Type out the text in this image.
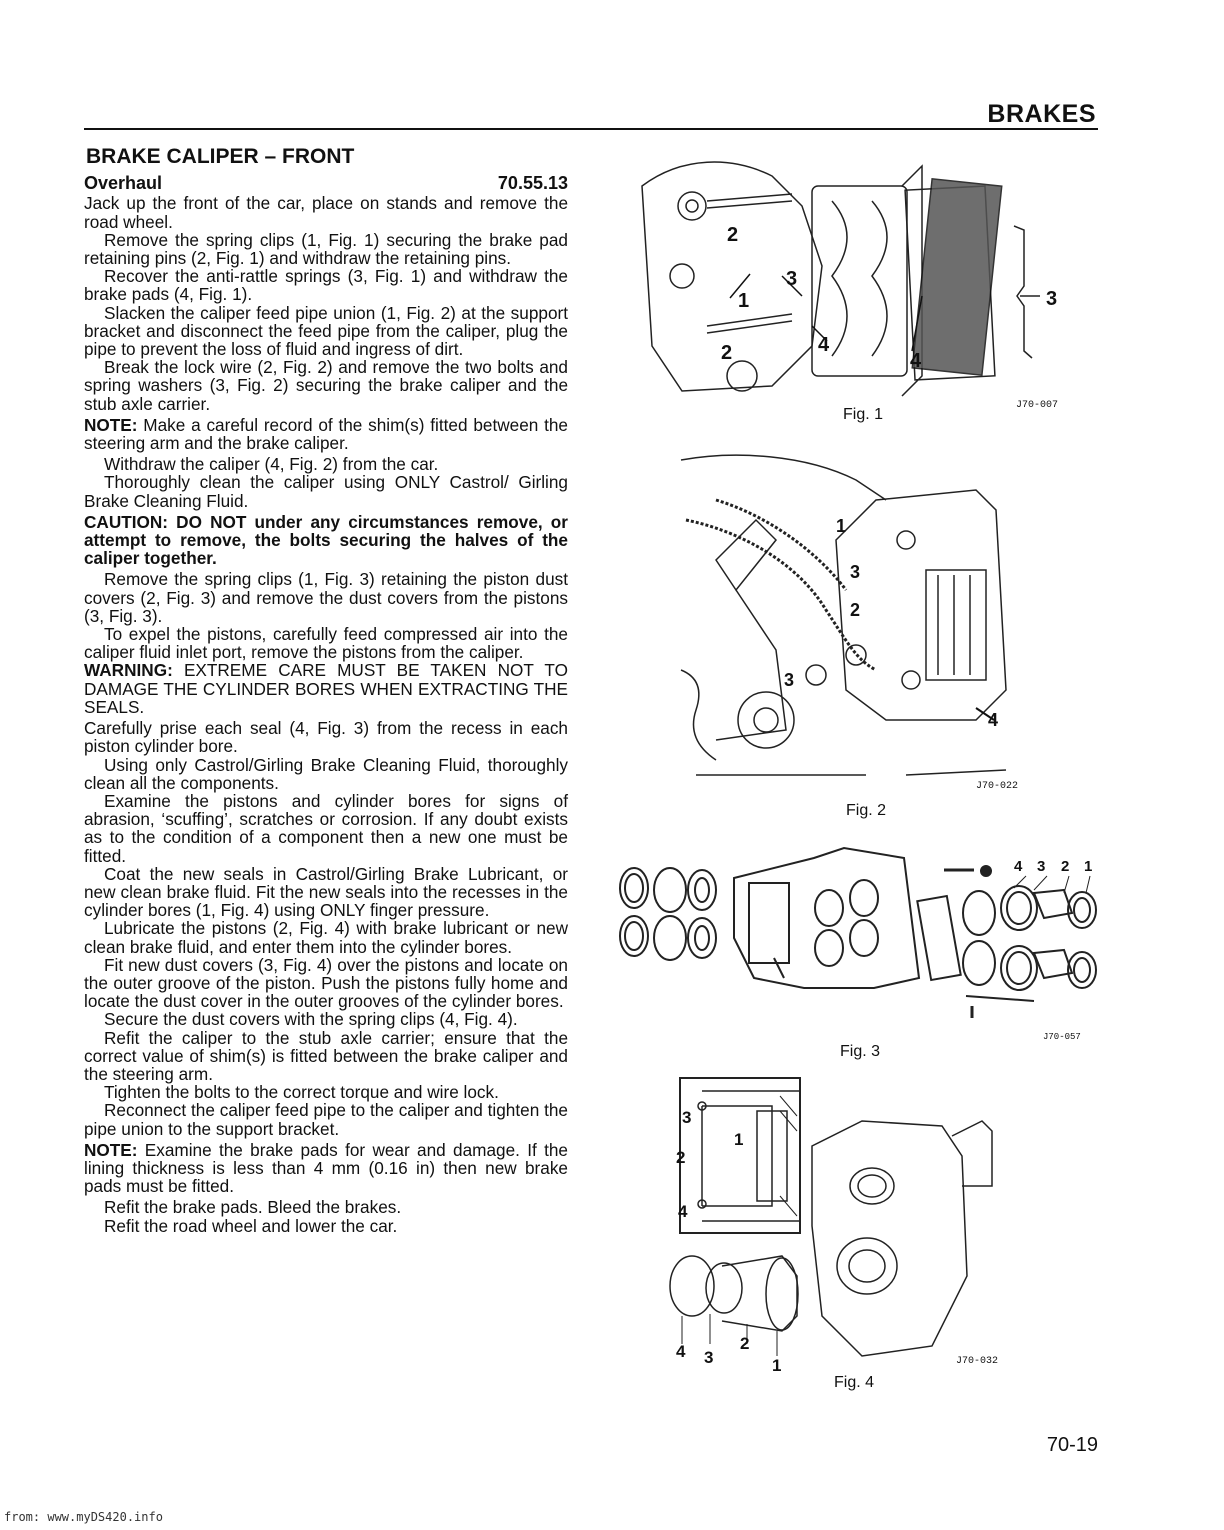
BRAKES
BRAKE CALIPER – FRONT
Overhaul	70.55.13

Jack up the front of the car, place on stands and remove the road wheel.

Remove the spring clips (1, Fig. 1) securing the brake pad retaining pins (2, Fig. 1) and withdraw the retaining pins.

Recover the anti-rattle springs (3, Fig. 1) and withdraw the brake pads (4, Fig. 1).

Slacken the caliper feed pipe union (1, Fig. 2) at the support bracket and disconnect the feed pipe from the caliper, plug the pipe to prevent the loss of fluid and ingress of dirt.

Break the lock wire (2, Fig. 2) and remove the two bolts and spring washers (3, Fig. 2) securing the brake caliper and the stub axle carrier.

NOTE: Make a careful record of the shim(s) fitted between the steering arm and the brake caliper.

Withdraw the caliper (4, Fig. 2) from the car.

Thoroughly clean the caliper using ONLY Castrol/ Girling Brake Cleaning Fluid.

CAUTION: DO NOT under any circumstances remove, or attempt to remove, the bolts securing the halves of the caliper together.

Remove the spring clips (1, Fig. 3) retaining the piston dust covers (2, Fig. 3) and remove the dust covers from the pistons (3, Fig. 3).

To expel the pistons, carefully feed compressed air into the caliper fluid inlet port, remove the pistons from the caliper.

WARNING: EXTREME CARE MUST BE TAKEN NOT TO DAMAGE THE CYLINDER BORES WHEN EXTRACTING THE SEALS.

Carefully prise each seal (4, Fig. 3) from the recess in each piston cylinder bore.

Using only Castrol/Girling Brake Cleaning Fluid, thoroughly clean all the components.

Examine the pistons and cylinder bores for signs of abrasion, ‘scuffing’, scratches or corrosion. If any doubt exists as to the condition of a component then a new one must be fitted.

Coat the new seals in Castrol/Girling Brake Lubricant, or new clean brake fluid. Fit the new seals into the recesses in the cylinder bores (1, Fig. 4) using ONLY finger pressure.

Lubricate the pistons (2, Fig. 4) with brake lubricant or new clean brake fluid, and enter them into the cylinder bores.

Fit new dust covers (3, Fig. 4) over the pistons and locate on the outer groove of the piston. Push the pistons fully home and locate the dust cover in the outer grooves of the cylinder bores.

Secure the dust covers with the spring clips (4, Fig. 4).

Refit the caliper to the stub axle carrier; ensure that the correct value of shim(s) is fitted between the brake caliper and the steering arm.

Tighten the bolts to the correct torque and wire lock.

Reconnect the caliper feed pipe to the caliper and tighten the pipe union to the support bracket.

NOTE: Examine the brake pads for wear and damage. If the lining thickness is less than 4 mm (0.16 in) then new brake pads must be fitted.

Refit the brake pads. Bleed the brakes.

Refit the road wheel and lower the car.

2
3
1
2	4
4
3
Fig. 1
J70-007
1
3
2
3
4
Fig. 2
J70-022
4 3 2 1
Fig. 3
J70-057
3
1
2
4
4 3
2
1
Fig. 4
J70-032
70-19
from: www.myDS420.info
